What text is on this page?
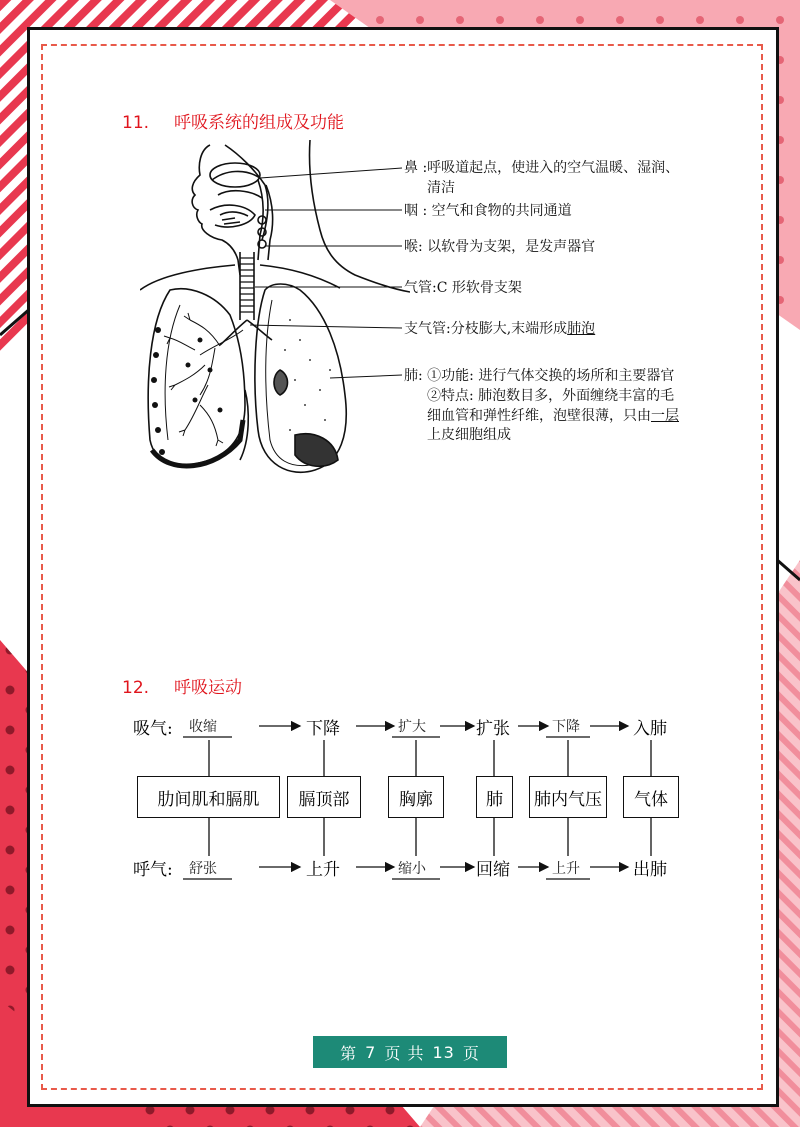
11. 呼吸系统的组成及功能
鼻 :呼吸道起点，使进入的空气温暖、湿润、
清洁
咽 : 空气和食物的共同通道
喉: 以软骨为支架，是发声器官
气管:C 形软骨支架
支气管:分枝膨大,末端形成肺泡
肺: ①功能: 进行气体交换的场所和主要器官
②特点: 肺泡数目多，外面缠绕丰富的毛
细血管和弹性纤维，泡壁很薄，只由一层
上皮细胞组成
12. 呼吸运动
吸气: 收缩	下降	扩大	扩张	下降	入肺
肋间肌和膈肌	膈顶部	胸廓	肺	肺内气压	气体
呼气: 舒张	上升	缩小	回缩	上升	出肺
第 7 页 共 13 页
